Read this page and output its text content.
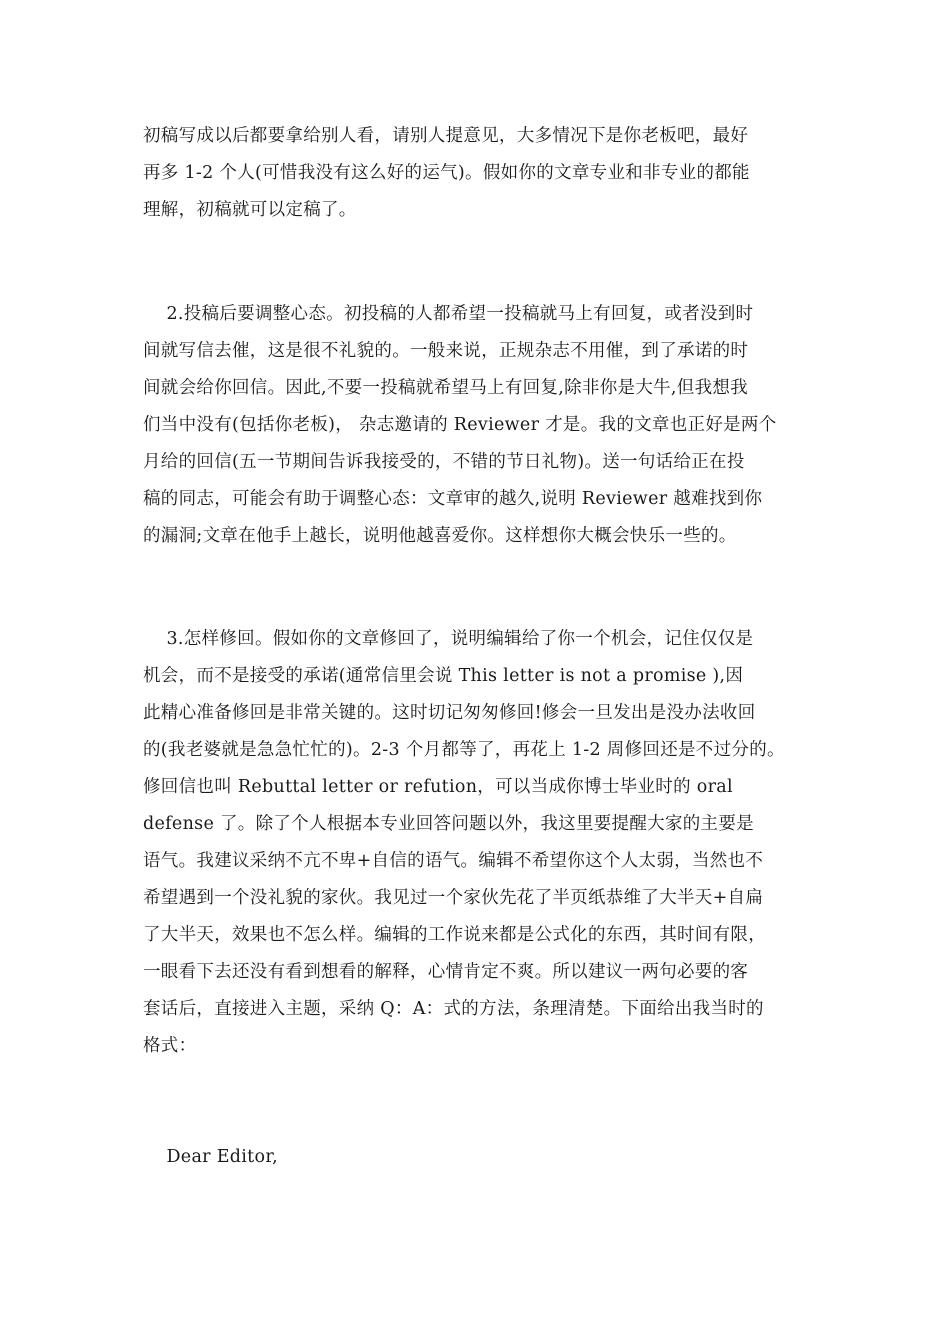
初稿写成以后都要拿给别人看，请别人提意见，大多情况下是你老板吧，最好
再多 1-2 个人(可惜我没有这么好的运气)。假如你的文章专业和非专业的都能
理解，初稿就可以定稿了。
2.投稿后要调整心态。初投稿的人都希望一投稿就马上有回复，或者没到时
间就写信去催，这是很不礼貌的。一般来说，正规杂志不用催，到了承诺的时
间就会给你回信。因此,不要一投稿就希望马上有回复,除非你是大牛,但我想我
们当中没有(包括你老板)， 杂志邀请的 Reviewer 才是。我的文章也正好是两个
月给的回信(五一节期间告诉我接受的，不错的节日礼物)。送一句话给正在投
稿的同志，可能会有助于调整心态：文章审的越久,说明 Reviewer 越难找到你
的漏洞;文章在他手上越长，说明他越喜爱你。这样想你大概会快乐一些的。
3.怎样修回。假如你的文章修回了，说明编辑给了你一个机会，记住仅仅是
机会，而不是接受的承诺(通常信里会说 This letter is not a promise ),因
此精心准备修回是非常关键的。这时切记匆匆修回!修会一旦发出是没办法收回
的(我老婆就是急急忙忙的)。2-3 个月都等了，再花上 1-2 周修回还是不过分的。
修回信也叫 Rebuttal letter or refution，可以当成你博士毕业时的 oral
defense 了。除了个人根据本专业回答问题以外，我这里要提醒大家的主要是
语气。我建议采纳不亢不卑+自信的语气。编辑不希望你这个人太弱，当然也不
希望遇到一个没礼貌的家伙。我见过一个家伙先花了半页纸恭维了大半天+自扁
了大半天，效果也不怎么样。编辑的工作说来都是公式化的东西，其时间有限，
一眼看下去还没有看到想看的解释，心情肯定不爽。所以建议一两句必要的客
套话后，直接进入主题，采纳 Q：A：式的方法，条理清楚。下面给出我当时的
格式：
Dear Editor,
